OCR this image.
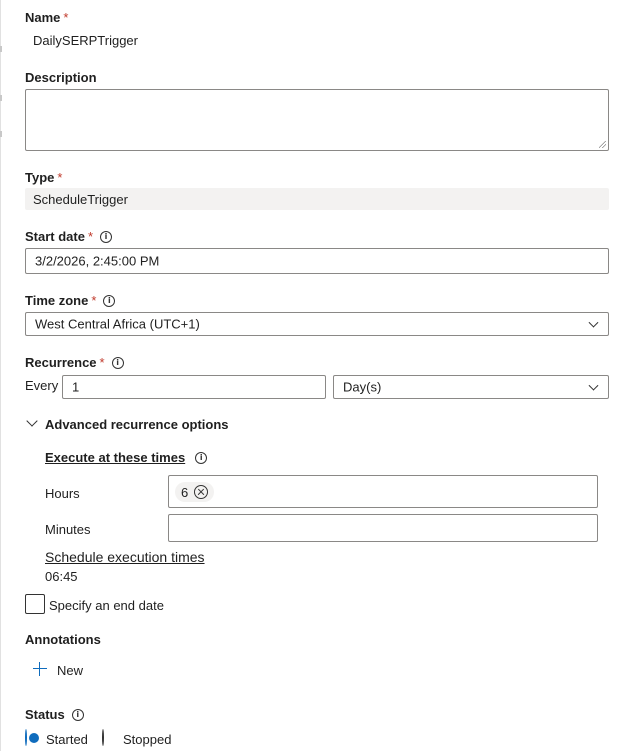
Name *
DailySERPTrigger
Description
Type *
ScheduleTrigger
Start date * i
3/2/2026, 2:45:00 PM
Time zone * i
West Central Africa (UTC+1)
Recurrence * i
Every 1	Day(s)
Advanced recurrence options
Execute at these times i
Hours	6
Minutes
Schedule execution times
06:45
Specify an end date
Annotations
New
Status i
Started	Stopped
